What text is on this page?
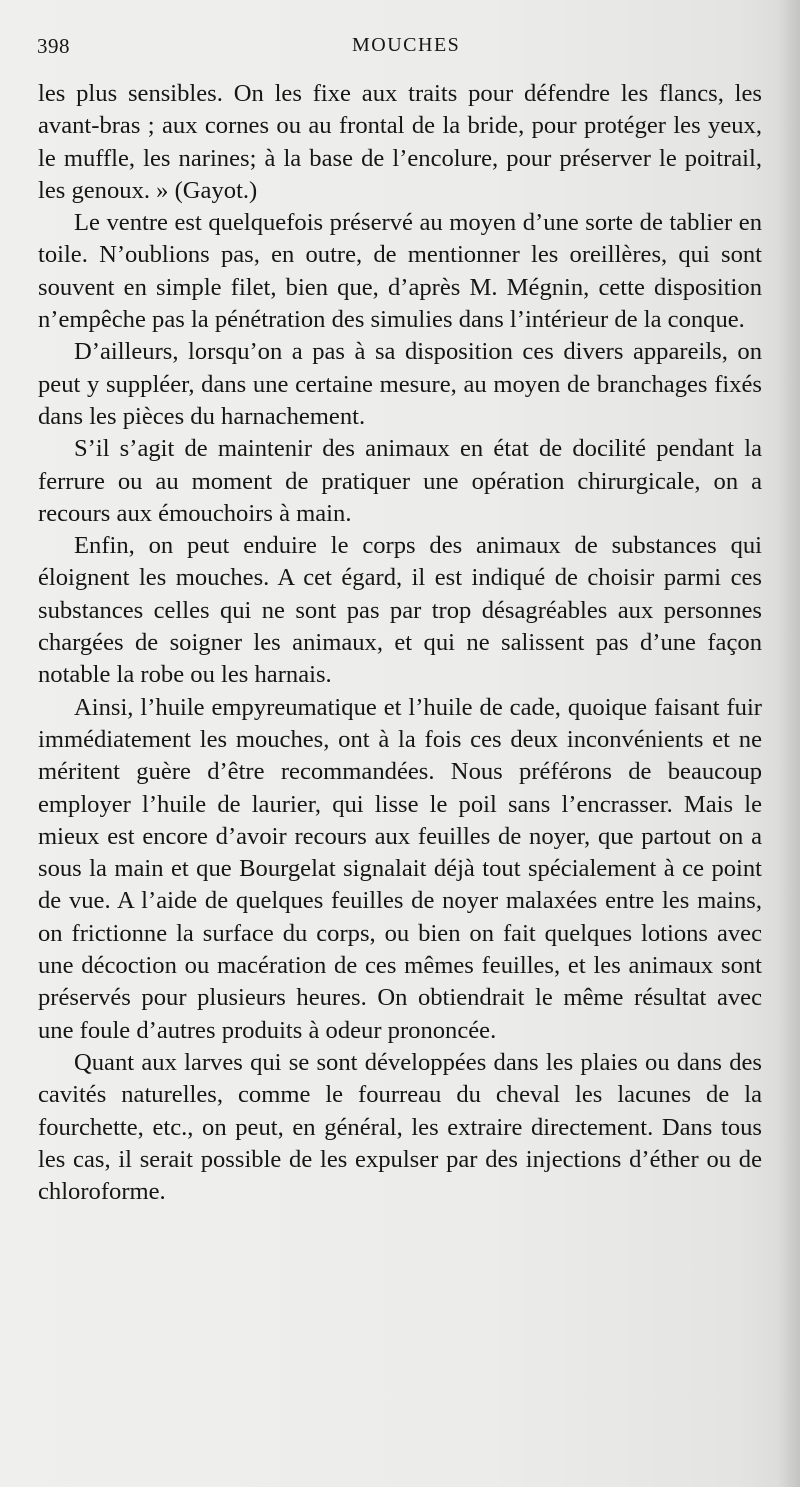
398	MOUCHES

les plus sensibles. On les fixe aux traits pour défendre les flancs, les avant-bras ; aux cornes ou au frontal de la bride, pour protéger les yeux, le muffle, les narines; à la base de l’encolure, pour préserver le poitrail, les genoux. » (Gayot.)

Le ventre est quelquefois préservé au moyen d’une sorte de tablier en toile. N’oublions pas, en outre, de mentionner les oreillères, qui sont souvent en simple filet, bien que, d’après M. Mégnin, cette disposition n’empêche pas la pénétration des simulies dans l’intérieur de la conque.

D’ailleurs, lorsqu’on a pas à sa disposition ces divers appareils, on peut y suppléer, dans une certaine mesure, au moyen de branchages fixés dans les pièces du harnachement.

S’il s’agit de maintenir des animaux en état de docilité pendant la ferrure ou au moment de pratiquer une opération chirurgicale, on a recours aux émouchoirs à main.

Enfin, on peut enduire le corps des animaux de substances qui éloignent les mouches. A cet égard, il est indiqué de choisir parmi ces substances celles qui ne sont pas par trop désagréables aux personnes chargées de soigner les animaux, et qui ne salissent pas d’une façon notable la robe ou les harnais.

Ainsi, l’huile empyreumatique et l’huile de cade, quoique faisant fuir immédiatement les mouches, ont à la fois ces deux inconvénients et ne méritent guère d’être recommandées. Nous préférons de beaucoup employer l’huile de laurier, qui lisse le poil sans l’encrasser. Mais le mieux est encore d’avoir recours aux feuilles de noyer, que partout on a sous la main et que Bourgelat signalait déjà tout spécialement à ce point de vue. A l’aide de quelques feuilles de noyer malaxées entre les mains, on frictionne la surface du corps, ou bien on fait quelques lotions avec une décoction ou macération de ces mêmes feuilles, et les animaux sont préservés pour plusieurs heures. On obtiendrait le même résultat avec une foule d’autres produits à odeur prononcée.

Quant aux larves qui se sont développées dans les plaies ou dans des cavités naturelles, comme le fourreau du cheval les lacunes de la fourchette, etc., on peut, en général, les extraire directement. Dans tous les cas, il serait possible de les expulser par des injections d’éther ou de chloroforme.
